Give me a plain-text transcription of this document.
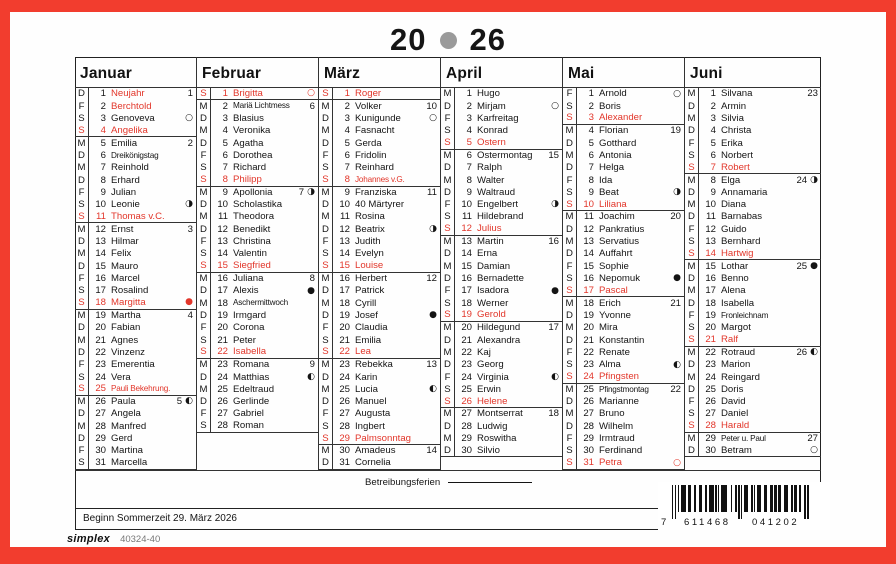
20 26
Januar
D	1 Neujahr	1
F	2 Berchtold
S	3 Genoveva	○
S	4 Angelika
M	5 Emilia	2
D	6 Dreikönigstag
M	7 Reinhold
D	8 Erhard
F	9 Julian
S	10 Leonie	◑
S	11 Thomas v.C.
M	12 Ernst	3
D	13 Hilmar
M	14 Felix
D	15 Mauro
F	16 Marcel
S	17 Rosalind
S	18 Margitta	●
M	19 Martha	4
D	20 Fabian
M	21 Agnes
D	22 Vinzenz
F	23 Emerentia
S	24 Vera
S	25 Pauli Bekehrung.
M	26 Paula	5 ◐
D	27 Angela
M	28 Manfred
D	29 Gerd
F	30 Martina
S	31 Marcella
Februar
S	1 Brigitta	○
M	2 Mariä Lichtmess	6
D	3 Blasius
M	4 Veronika
D	5 Agatha
F	6 Dorothea
S	7 Richard
S	8 Philipp
M	9 Apollonia	7 ◑
D	10 Scholastika
M	11 Theodora
D	12 Benedikt
F	13 Christina
S	14 Valentin
S	15 Siegfried
M	16 Juliana	8
D	17 Alexis	●
M	18 Aschermittwoch
D	19 Irmgard
F	20 Corona
S	21 Peter
S	22 Isabella
M	23 Romana	9
D	24 Matthias	◐
M	25 Edeltraud
D	26 Gerlinde
F	27 Gabriel
S	28 Roman
März
S	1 Roger
M	2 Volker	10
D	3 Kunigunde	○
M	4 Fasnacht
D	5 Gerda
F	6 Fridolin
S	7 Reinhard
S	8 Johannes v.G.
M	9 Franziska	11
D	10 40 Märtyrer
M	11 Rosina
D	12 Beatrix	◑
F	13 Judith
S	14 Evelyn
S	15 Louise
M	16 Herbert	12
D	17 Patrick
M	18 Cyrill
D	19 Josef	●
F	20 Claudia
S	21 Emilia
S	22 Lea
M	23 Rebekka	13
D	24 Karin
M	25 Lucia	◐
D	26 Manuel
F	27 Augusta
S	28 Ingbert
S	29 Palmsonntag
M	30 Amadeus	14
D	31 Cornelia
April
M	1 Hugo
D	2 Mirjam	○
F	3 Karfreitag
S	4 Konrad
S	5 Ostern
M	6 Ostermontag	15
D	7 Ralph
M	8 Walter
D	9 Waltraud
F	10 Engelbert	◑
S	11 Hildebrand
S	12 Julius
M	13 Martin	16
D	14 Erna
M	15 Damian
D	16 Bernadette
F	17 Isadora	●
S	18 Werner
S	19 Gerold
M	20 Hildegund	17
D	21 Alexandra
M	22 Kaj
D	23 Georg
F	24 Virginia	◐
S	25 Erwin
S	26 Helene
M	27 Montserrat	18
D	28 Ludwig
M	29 Roswitha
D	30 Silvio
Mai
F	1 Arnold	○
S	2 Boris
S	3 Alexander
M	4 Florian	19
D	5 Gotthard
M	6 Antonia
D	7 Helga
F	8 Ida
S	9 Beat	◑
S	10 Liliana
M	11 Joachim	20
D	12 Pankratius
M	13 Servatius
D	14 Auffahrt
F	15 Sophie
S	16 Nepomuk	●
S	17 Pascal
M	18 Erich	21
D	19 Yvonne
M	20 Mira
D	21 Konstantin
F	22 Renate
S	23 Alma	◐
S	24 Pfingsten
M	25 Pfingstmontag	22
D	26 Marianne
M	27 Bruno
D	28 Wilhelm
F	29 Irmtraud
S	30 Ferdinand
S	31 Petra	○
Juni
M	1 Silvana	23
D	2 Armin
M	3 Silvia
D	4 Christa
F	5 Erika
S	6 Norbert
S	7 Robert
M	8 Elga	24 ◑
D	9 Annamaria
M	10 Diana
D	11 Barnabas
F	12 Guido
S	13 Bernhard
S	14 Hartwig
M	15 Lothar	25 ●
D	16 Benno
M	17 Alena
D	18 Isabella
F	19 Fronleichnam
S	20 Margot
S	21 Ralf
M	22 Rotraud	26 ◐
D	23 Marion
M	24 Reingard
D	25 Doris
F	26 David
S	27 Daniel
S	28 Harald
M	29 Peter u. Paul	27
D	30 Betram	○
Betreibungsferien
Beginn Sommerzeit 29. März 2026
simplex 40324-40
7 611468 041202
